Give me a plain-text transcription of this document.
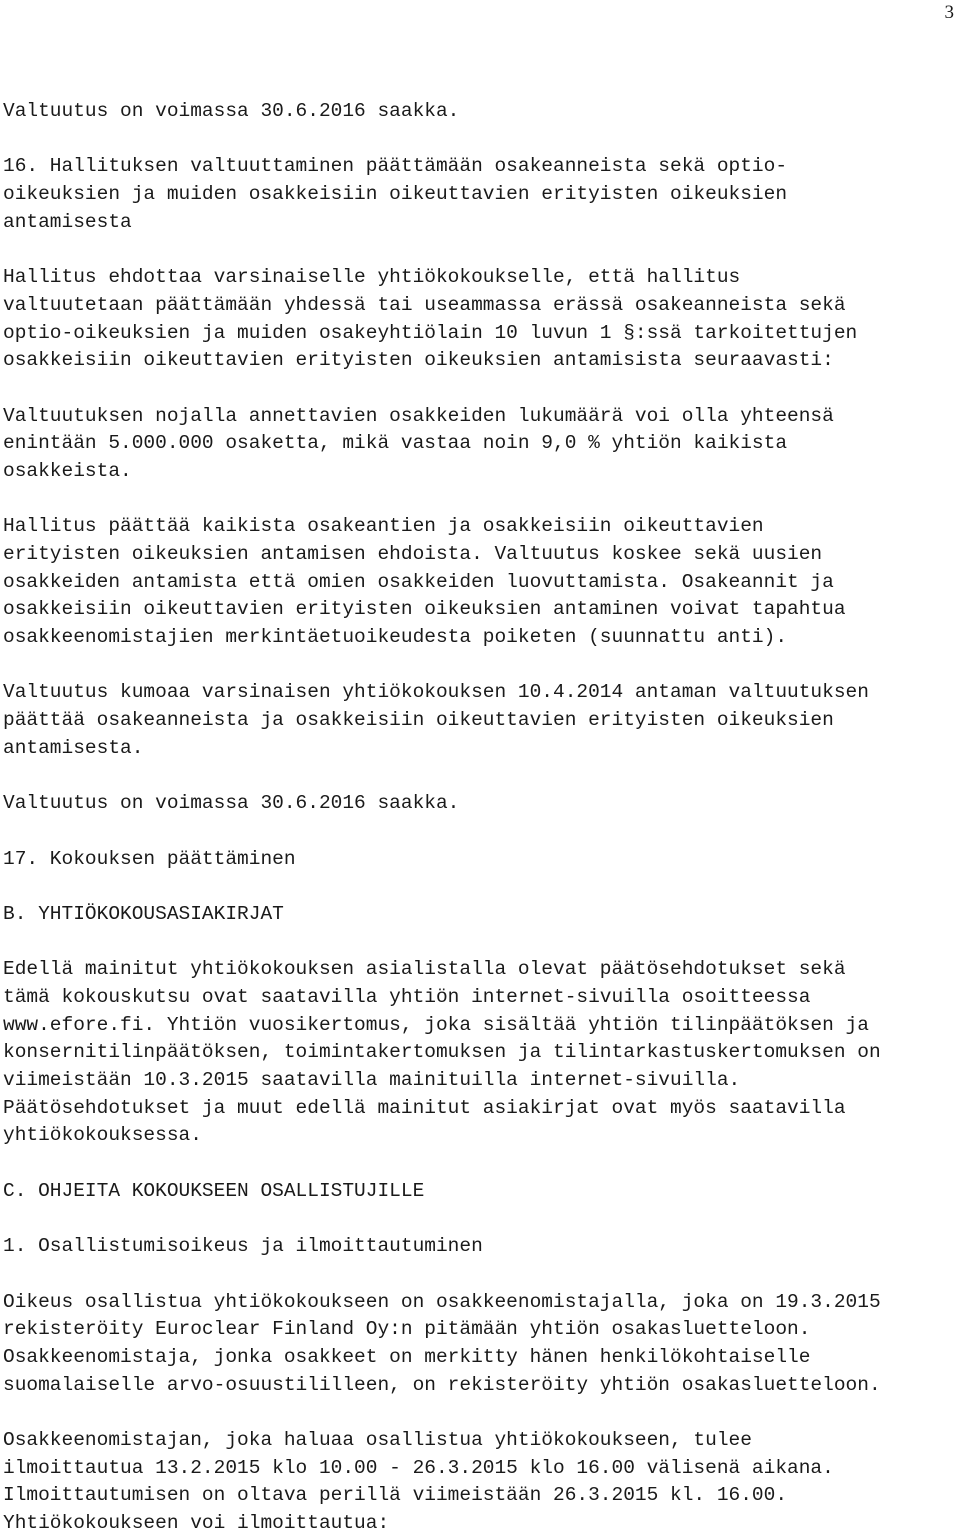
3
Valtuutus on voimassa 30.6.2016 saakka.
16. Hallituksen valtuuttaminen päättämään osakeanneista sekä optio-
oikeuksien ja muiden osakkeisiin oikeuttavien erityisten oikeuksien
antamisesta
Hallitus ehdottaa varsinaiselle yhtiökokoukselle, että hallitus
valtuutetaan päättämään yhdessä tai useammassa erässä osakeanneista sekä
optio-oikeuksien ja muiden osakeyhtiölain 10 luvun 1 §:ssä tarkoitettujen
osakkeisiin oikeuttavien erityisten oikeuksien antamisista seuraavasti:
Valtuutuksen nojalla annettavien osakkeiden lukumäärä voi olla yhteensä
enintään 5.000.000 osaketta, mikä vastaa noin 9,0 % yhtiön kaikista
osakkeista.
Hallitus päättää kaikista osakeantien ja osakkeisiin oikeuttavien
erityisten oikeuksien antamisen ehdoista. Valtuutus koskee sekä uusien
osakkeiden antamista että omien osakkeiden luovuttamista. Osakeannit ja
osakkeisiin oikeuttavien erityisten oikeuksien antaminen voivat tapahtua
osakkeenomistajien merkintäetuoikeudesta poiketen (suunnattu anti).
Valtuutus kumoaa varsinaisen yhtiökokouksen 10.4.2014 antaman valtuutuksen
päättää osakeanneista ja osakkeisiin oikeuttavien erityisten oikeuksien
antamisesta.
Valtuutus on voimassa 30.6.2016 saakka.
17. Kokouksen päättäminen
B. YHTIÖKOKOUSASIAKIRJAT
Edellä mainitut yhtiökokouksen asialistalla olevat päätösehdotukset sekä
tämä kokouskutsu ovat saatavilla yhtiön internet-sivuilla osoitteessa
www.efore.fi. Yhtiön vuosikertomus, joka sisältää yhtiön tilinpäätöksen ja
konsernitilinpäätöksen, toimintakertomuksen ja tilintarkastuskertomuksen on
viimeistään 10.3.2015 saatavilla mainituilla internet-sivuilla.
Päätösehdotukset ja muut edellä mainitut asiakirjat ovat myös saatavilla
yhtiökokouksessa.
C. OHJEITA KOKOUKSEEN OSALLISTUJILLE
1. Osallistumisoikeus ja ilmoittautuminen
Oikeus osallistua yhtiökokoukseen on osakkeenomistajalla, joka on 19.3.2015
rekisteröity Euroclear Finland Oy:n pitämään yhtiön osakasluetteloon.
Osakkeenomistaja, jonka osakkeet on merkitty hänen henkilökohtaiselle
suomalaiselle arvo-osuustililleen, on rekisteröity yhtiön osakasluetteloon.
Osakkeenomistajan, joka haluaa osallistua yhtiökokoukseen, tulee
ilmoittautua 13.2.2015 klo 10.00 - 26.3.2015 klo 16.00 välisenä aikana.
Ilmoittautumisen on oltava perillä viimeistään 26.3.2015 kl. 16.00.
Yhtiökokoukseen voi ilmoittautua:
